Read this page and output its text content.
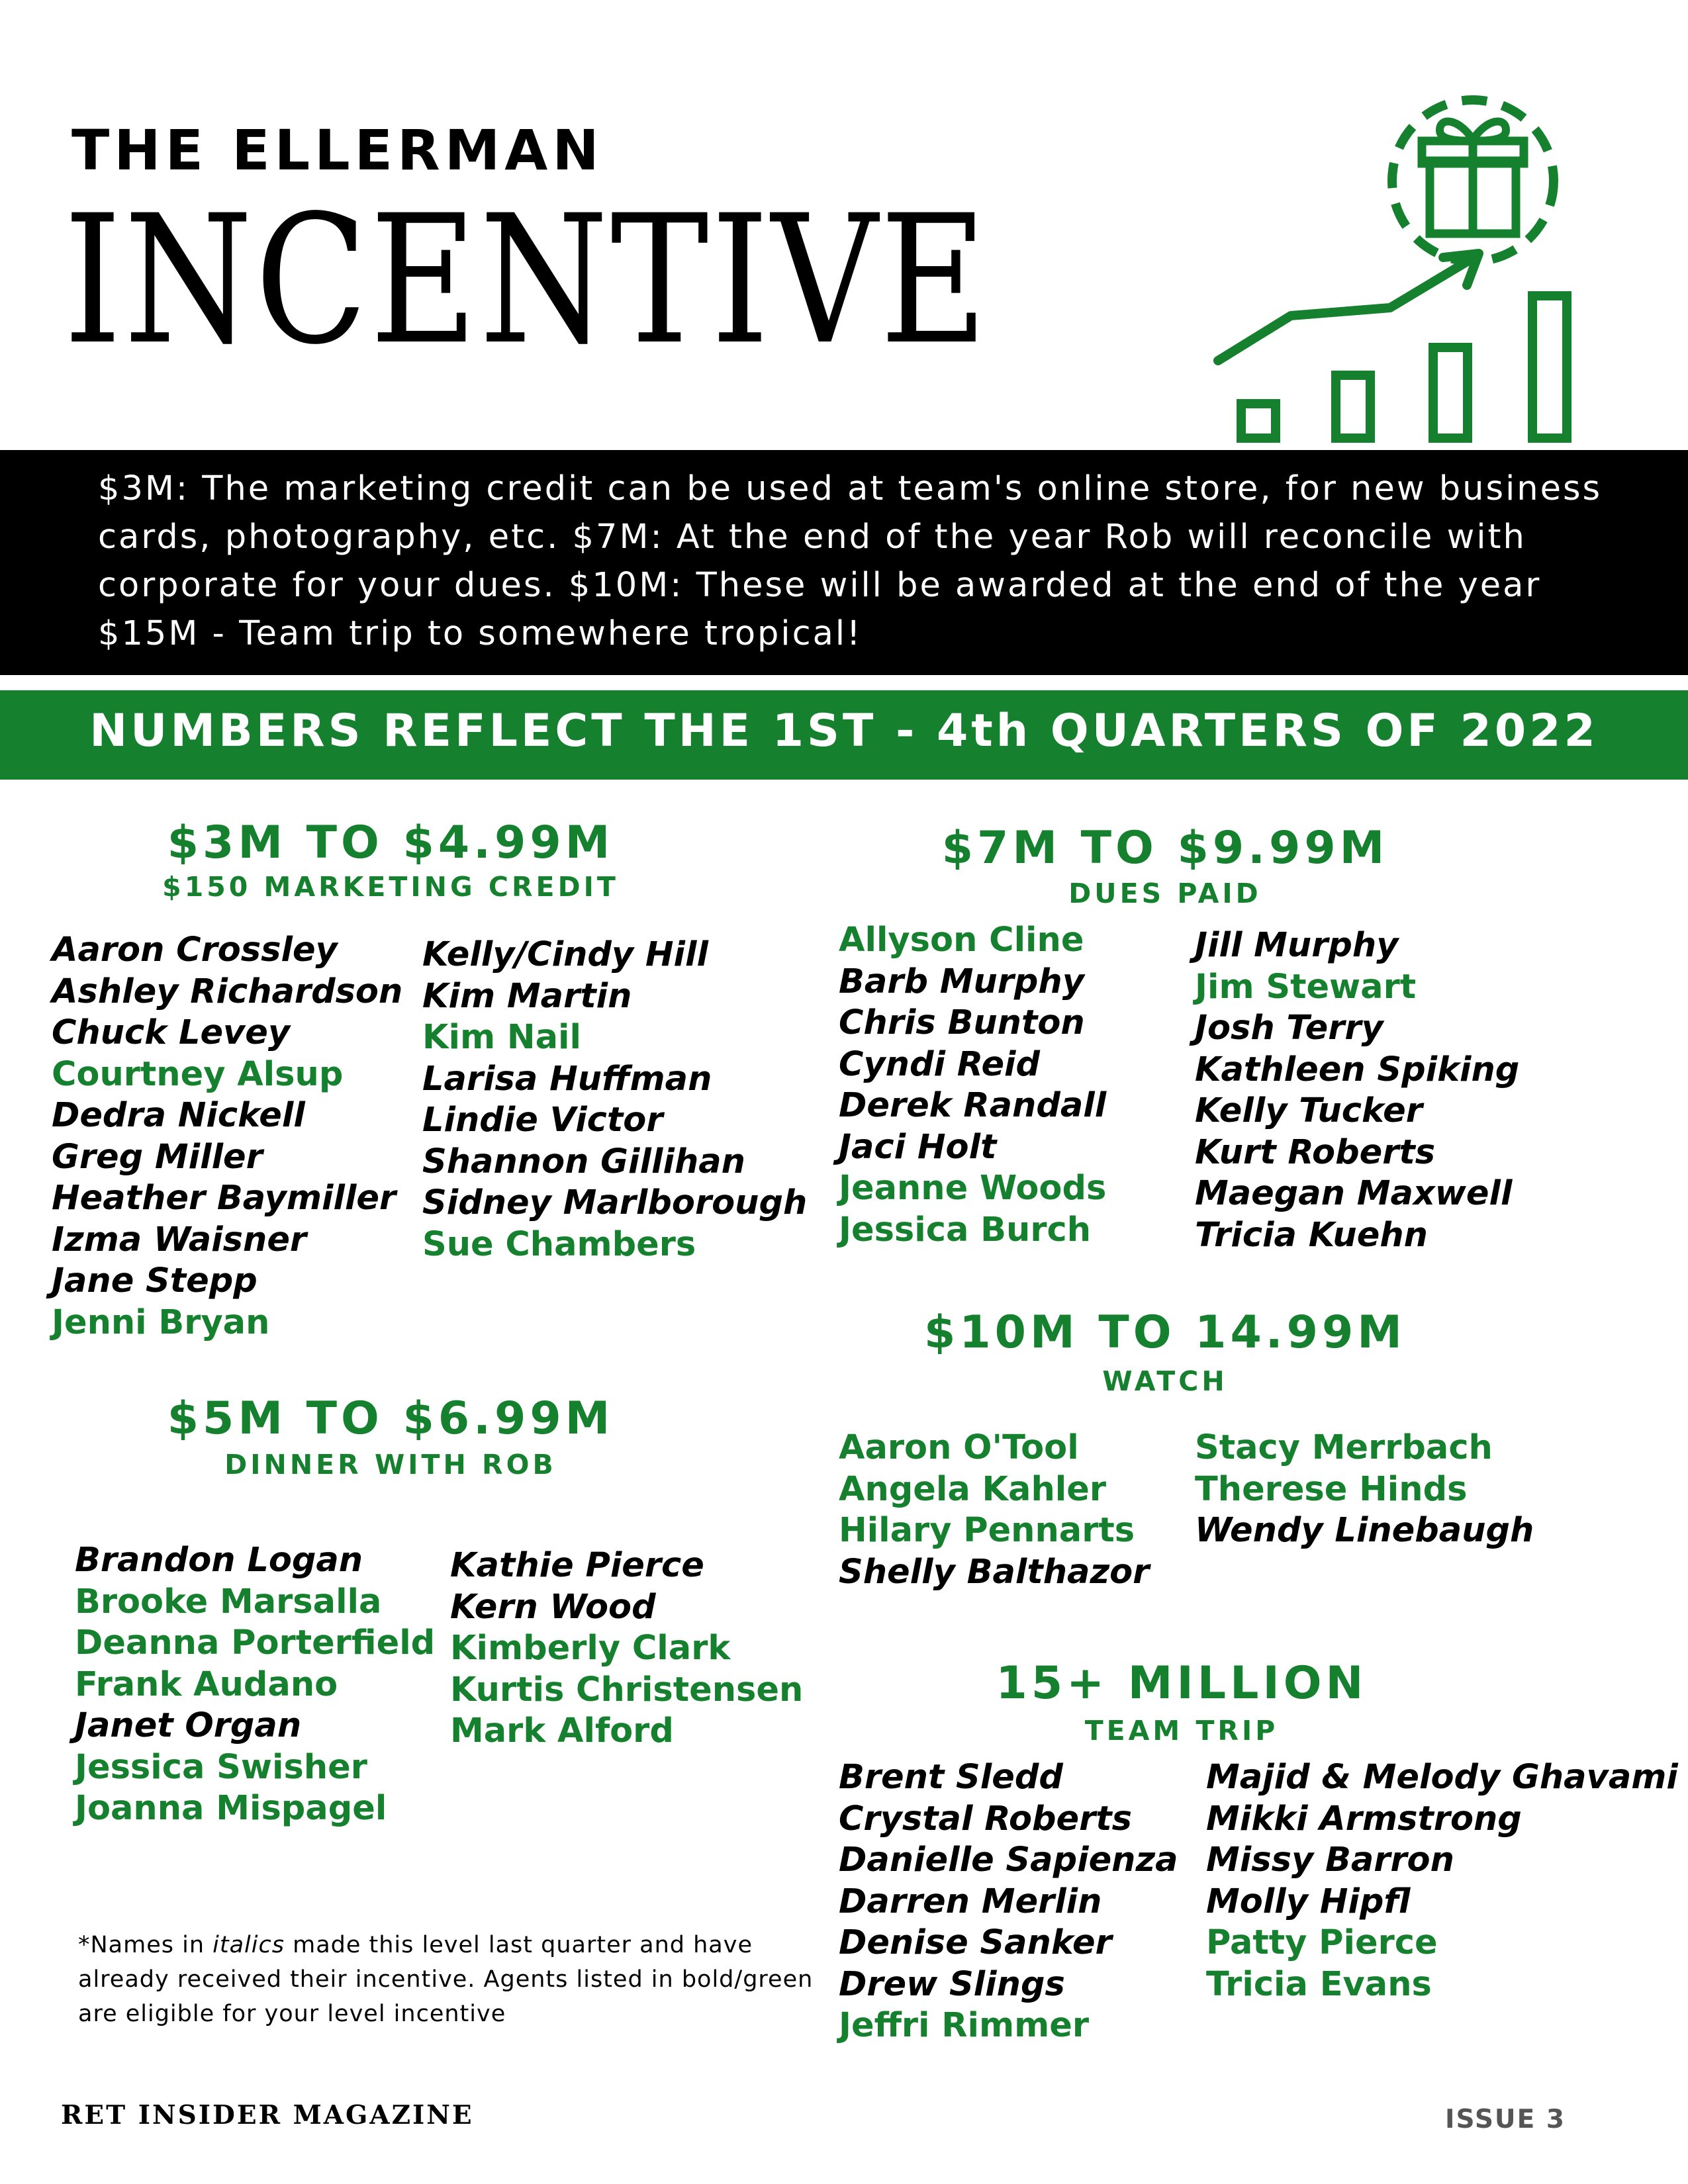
THE ELLERMAN
INCENTIVE
$3M: The marketing credit can be used at team's online store, for new business cards, photography, etc. $7M: At the end of the year Rob will reconcile with corporate for your dues. $10M: These will be awarded at the end of the year $15M - Team trip to somewhere tropical!
NUMBERS REFLECT THE 1ST - 4th QUARTERS OF 2022
$3M TO $4.99M
$150 MARKETING CREDIT
Aaron Crossley
Ashley Richardson
Chuck Levey
Courtney Alsup
Dedra Nickell
Greg Miller
Heather Baymiller
Izma Waisner
Jane Stepp
Jenni Bryan
Kelly/Cindy Hill
Kim Martin
Kim Nail
Larisa Huffman
Lindie Victor
Shannon Gillihan
Sidney Marlborough
Sue Chambers
$7M TO $9.99M
DUES PAID
Allyson Cline
Barb Murphy
Chris Bunton
Cyndi Reid
Derek Randall
Jaci Holt
Jeanne Woods
Jessica Burch
Jill Murphy
Jim Stewart
Josh Terry
Kathleen Spiking
Kelly Tucker
Kurt Roberts
Maegan Maxwell
Tricia Kuehn
$10M TO 14.99M
WATCH
Aaron O'Tool
Angela Kahler
Hilary Pennarts
Shelly Balthazor
Stacy Merrbach
Therese Hinds
Wendy Linebaugh
$5M TO $6.99M
DINNER WITH ROB
Brandon Logan
Brooke Marsalla
Deanna Porterfield
Frank Audano
Janet Organ
Jessica Swisher
Joanna Mispagel
Kathie Pierce
Kern Wood
Kimberly Clark
Kurtis Christensen
Mark Alford
15+ MILLION
TEAM TRIP
Brent Sledd
Crystal Roberts
Danielle Sapienza
Darren Merlin
Denise Sanker
Drew Slings
Jeffri Rimmer
Majid & Melody Ghavami
Mikki Armstrong
Missy Barron
Molly Hipfl
Patty Pierce
Tricia Evans
*Names in italics made this level last quarter and have already received their incentive. Agents listed in bold/green are eligible for your level incentive
RET INSIDER MAGAZINE	ISSUE 3
